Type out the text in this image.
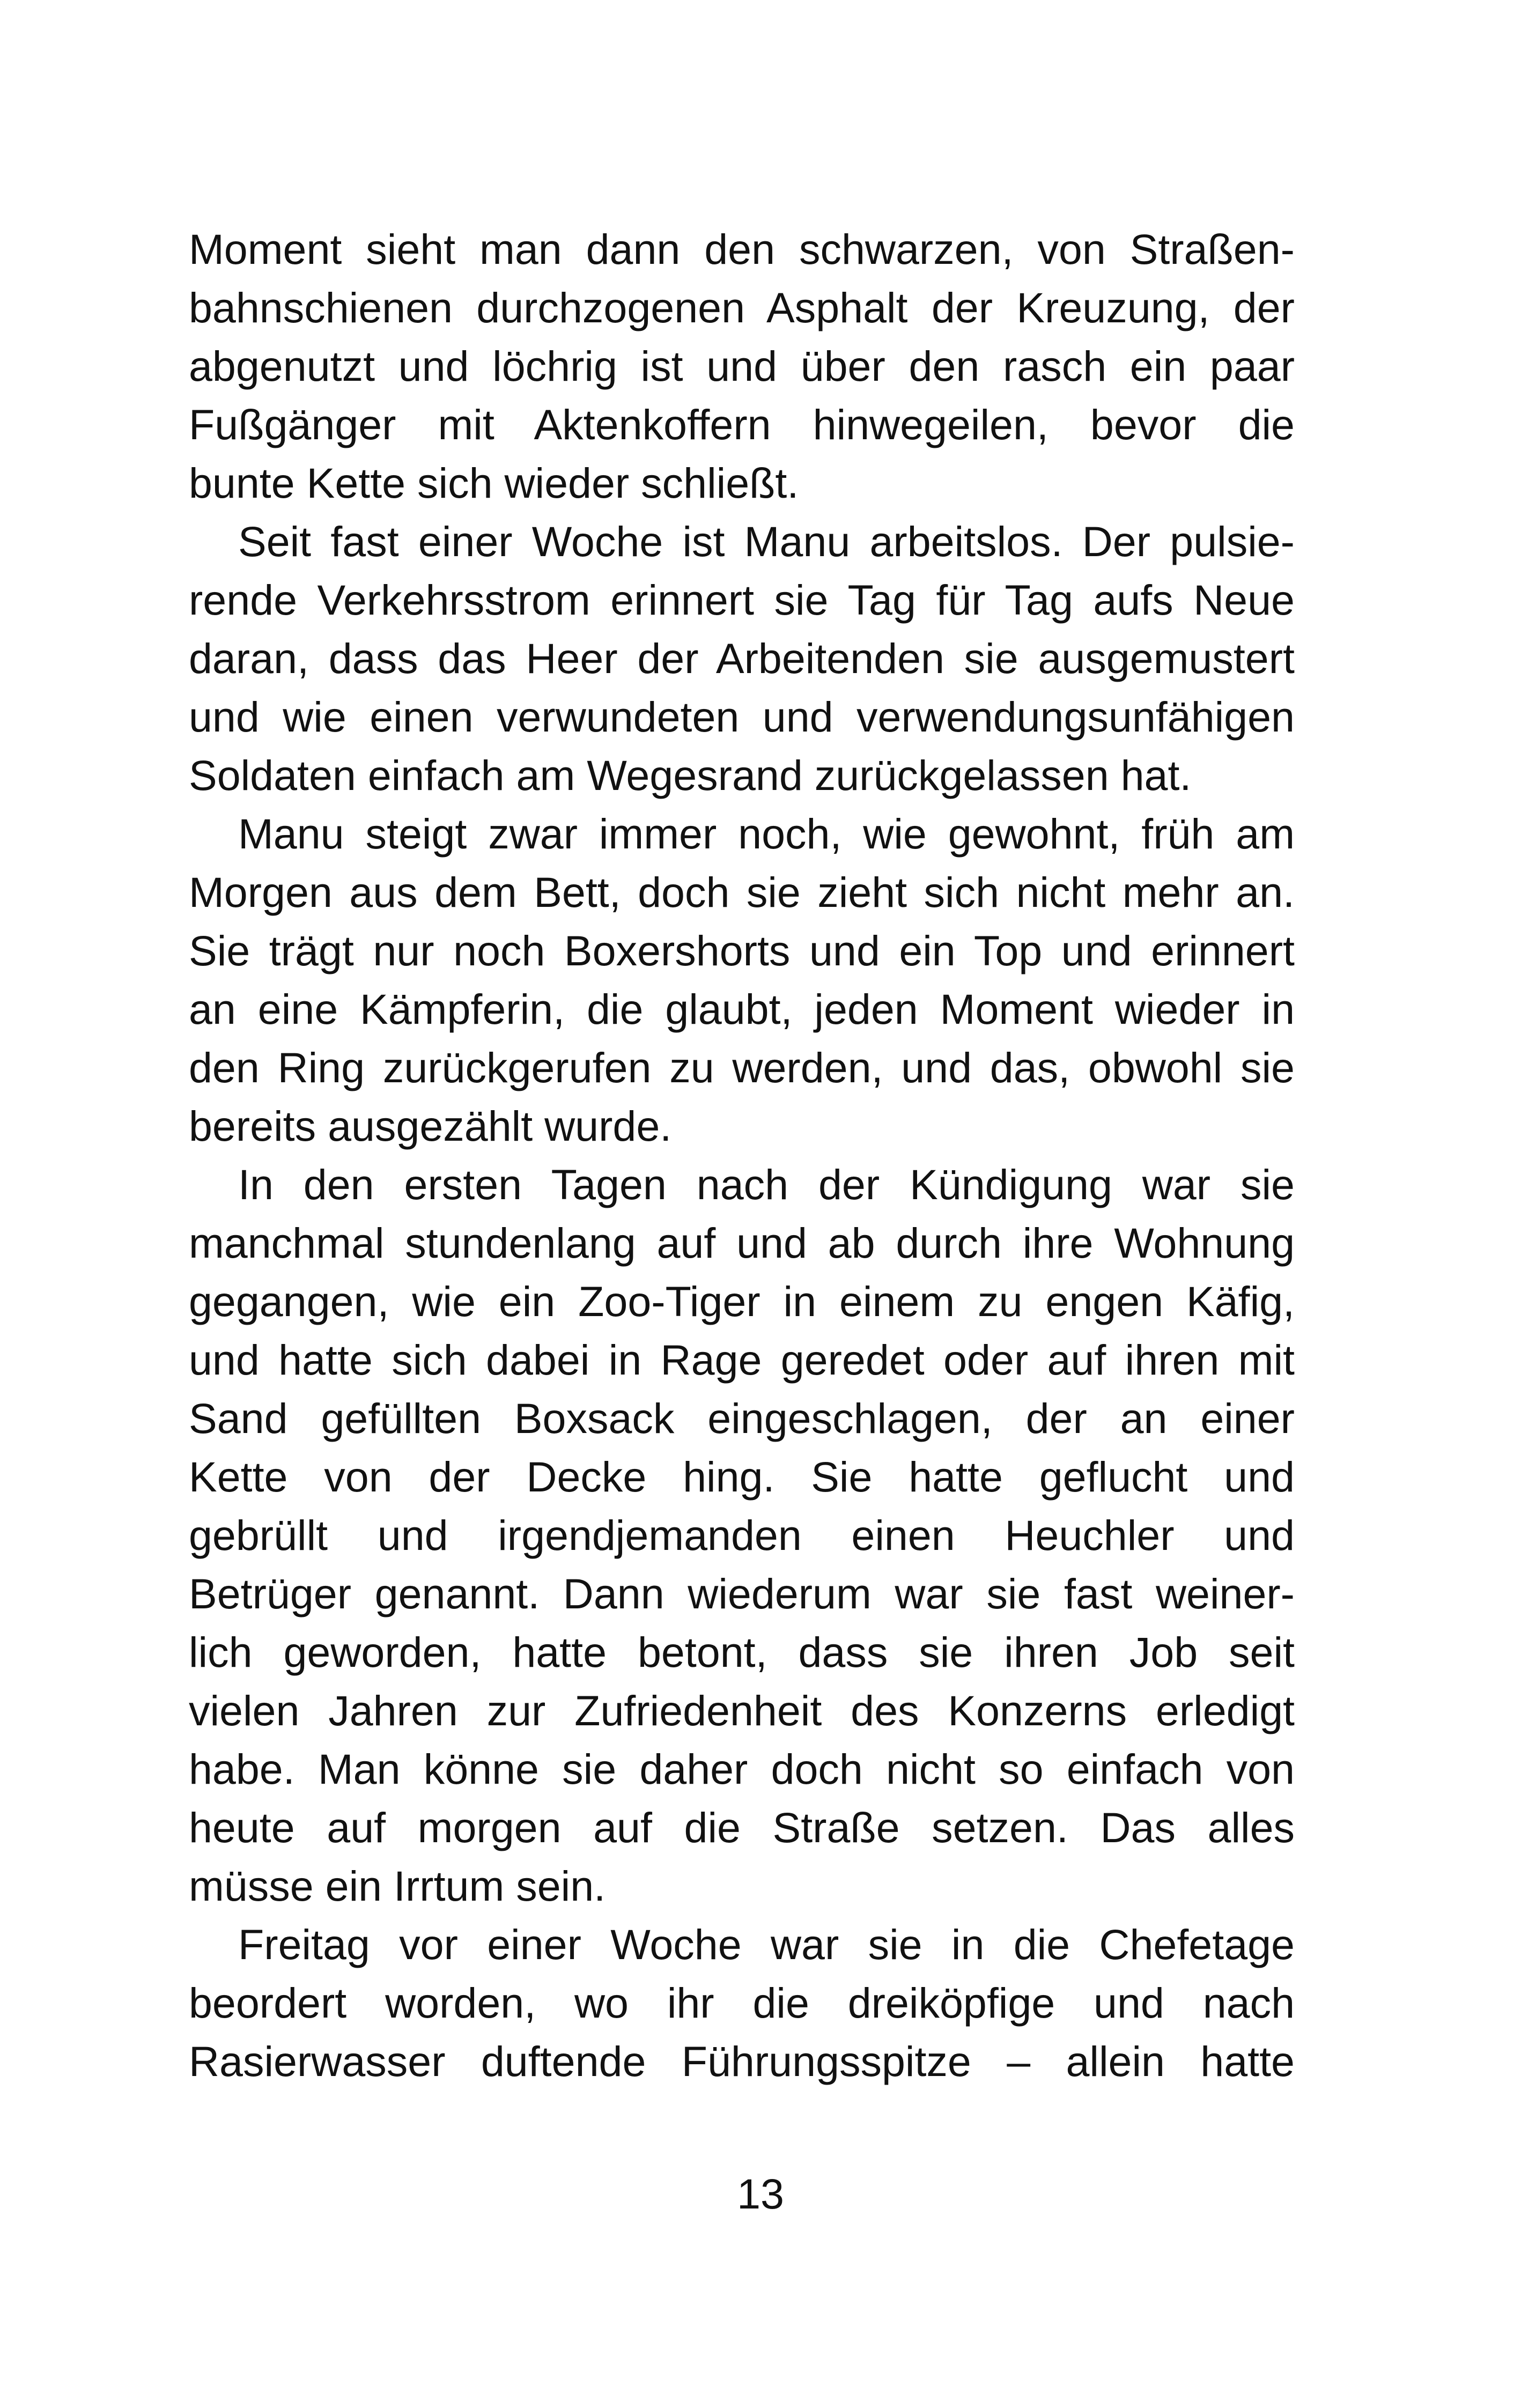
Moment sieht man dann den schwarzen, von Straßen-
bahnschienen durchzogenen Asphalt der Kreuzung, der
abgenutzt und löchrig ist und über den rasch ein paar
Fußgänger mit Aktenkoffern hinwegeilen, bevor die
bunte Kette sich wieder schließt.
Seit fast einer Woche ist Manu arbeitslos. Der pulsie-
rende Verkehrsstrom erinnert sie Tag für Tag aufs Neue
daran, dass das Heer der Arbeitenden sie ausgemustert
und wie einen verwundeten und verwendungsunfähigen
Soldaten einfach am Wegesrand zurückgelassen hat.
Manu steigt zwar immer noch, wie gewohnt, früh am
Morgen aus dem Bett, doch sie zieht sich nicht mehr an.
Sie trägt nur noch Boxershorts und ein Top und erinnert
an eine Kämpferin, die glaubt, jeden Moment wieder in
den Ring zurückgerufen zu werden, und das, obwohl sie
bereits ausgezählt wurde.
In den ersten Tagen nach der Kündigung war sie
manchmal stundenlang auf und ab durch ihre Wohnung
gegangen, wie ein Zoo-Tiger in einem zu engen Käfig,
und hatte sich dabei in Rage geredet oder auf ihren mit
Sand gefüllten Boxsack eingeschlagen, der an einer
Kette von der Decke hing. Sie hatte geflucht und
gebrüllt und irgendjemanden einen Heuchler und
Betrüger genannt. Dann wiederum war sie fast weiner-
lich geworden, hatte betont, dass sie ihren Job seit
vielen Jahren zur Zufriedenheit des Konzerns erledigt
habe. Man könne sie daher doch nicht so einfach von
heute auf morgen auf die Straße setzen. Das alles
müsse ein Irrtum sein.
Freitag vor einer Woche war sie in die Chefetage
beordert worden, wo ihr die dreiköpfige und nach
Rasierwasser duftende Führungsspitze – allein hatte
13
